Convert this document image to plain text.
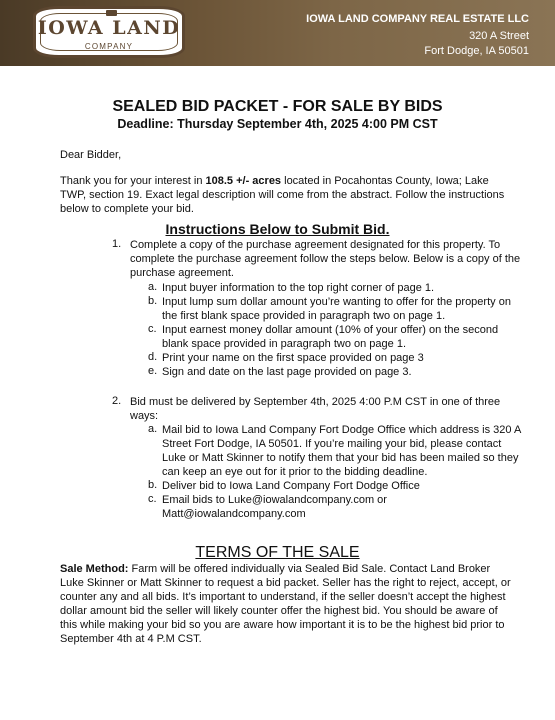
IOWA LAND
COMPANY
IOWA LAND COMPANY REAL ESTATE LLC
320 A Street
Fort Dodge, IA 50501
SEALED BID PACKET - FOR SALE BY BIDS
Deadline: Thursday September 4th, 2025 4:00 PM CST
Dear Bidder,
Thank you for your interest in 108.5 +/- acres located in Pocahontas County, Iowa; Lake TWP, section 19. Exact legal description will come from the abstract. Follow the instructions below to complete your bid.
Instructions Below to Submit Bid.
1. Complete a copy of the purchase agreement designated for this property. To complete the purchase agreement follow the steps below. Below is a copy of the purchase agreement.
a. Input buyer information to the top right corner of page 1.
b. Input lump sum dollar amount you’re wanting to offer for the property on the first blank space provided in paragraph two on page 1.
c. Input earnest money dollar amount (10% of your offer) on the second blank space provided in paragraph two on page 1.
d. Print your name on the first space provided on page 3
e. Sign and date on the last page provided on page 3.
2. Bid must be delivered by September 4th, 2025 4:00 P.M CST in one of three ways:
a. Mail bid to Iowa Land Company Fort Dodge Office which address is 320 A Street Fort Dodge, IA 50501. If you’re mailing your bid, please contact Luke or Matt Skinner to notify them that your bid has been mailed so they can keep an eye out for it prior to the bidding deadline.
b. Deliver bid to Iowa Land Company Fort Dodge Office
c. Email bids to Luke@iowalandcompany.com or Matt@iowalandcompany.com
TERMS OF THE SALE
Sale Method: Farm will be offered individually via Sealed Bid Sale. Contact Land Broker Luke Skinner or Matt Skinner to request a bid packet. Seller has the right to reject, accept, or counter any and all bids. It’s important to understand, if the seller doesn’t accept the highest dollar amount bid the seller will likely counter offer the highest bid. You should be aware of this while making your bid so you are aware how important it is to be the highest bid prior to September 4th at 4 P.M CST.
